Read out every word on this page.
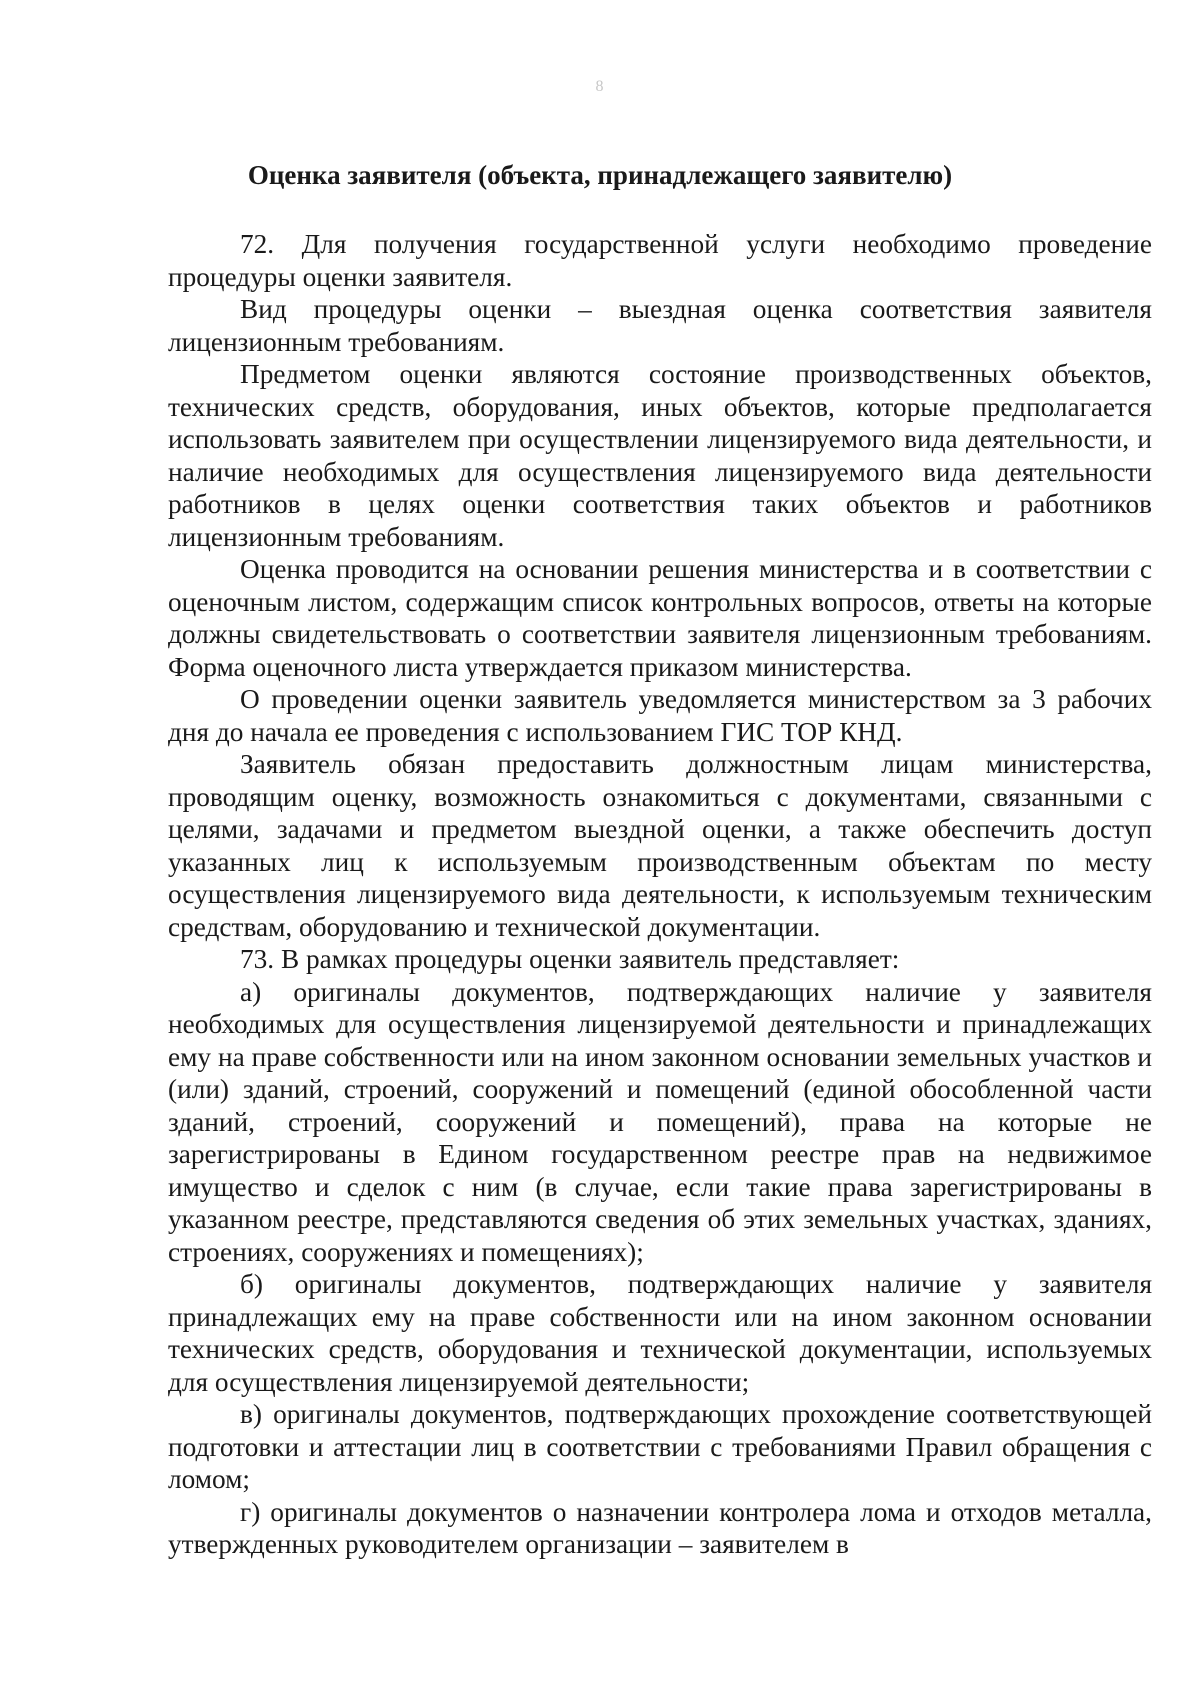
8
Оценка заявителя (объекта, принадлежащего заявителю)

72. Для получения государственной услуги необходимо проведение процедуры оценки заявителя.

Вид процедуры оценки – выездная оценка соответствия заявителя лицензионным требованиям.

Предметом оценки являются состояние производственных объектов, технических средств, оборудования, иных объектов, которые предполагается использовать заявителем при осуществлении лицензируемого вида деятельности, и наличие необходимых для осуществления лицензируемого вида деятельности работников в целях оценки соответствия таких объектов и работников лицензионным требованиям.

Оценка проводится на основании решения министерства и в соответствии с оценочным листом, содержащим список контрольных вопросов, ответы на которые должны свидетельствовать о соответствии заявителя лицензионным требованиям. Форма оценочного листа утверждается приказом министерства.

О проведении оценки заявитель уведомляется министерством за 3 рабочих дня до начала ее проведения с использованием ГИС ТОР КНД.

Заявитель обязан предоставить должностным лицам министерства, проводящим оценку, возможность ознакомиться с документами, связанными с целями, задачами и предметом выездной оценки, а также обеспечить доступ указанных лиц к используемым производственным объектам по месту осуществления лицензируемого вида деятельности, к используемым техническим средствам, оборудованию и технической документации.

73. В рамках процедуры оценки заявитель представляет:

а) оригиналы документов, подтверждающих наличие у заявителя необходимых для осуществления лицензируемой деятельности и принадлежащих ему на праве собственности или на ином законном основании земельных участков и (или) зданий, строений, сооружений и помещений (единой обособленной части зданий, строений, сооружений и помещений), права на которые не зарегистрированы в Едином государственном реестре прав на недвижимое имущество и сделок с ним (в случае, если такие права зарегистрированы в указанном реестре, представляются сведения об этих земельных участках, зданиях, строениях, сооружениях и помещениях);

б) оригиналы документов, подтверждающих наличие у заявителя принадлежащих ему на праве собственности или на ином законном основании технических средств, оборудования и технической документации, используемых для осуществления лицензируемой деятельности;

в) оригиналы документов, подтверждающих прохождение соответствующей подготовки и аттестации лиц в соответствии с требованиями Правил обращения с ломом;

г) оригиналы документов о назначении контролера лома и отходов металла, утвержденных руководителем организации – заявителем в
